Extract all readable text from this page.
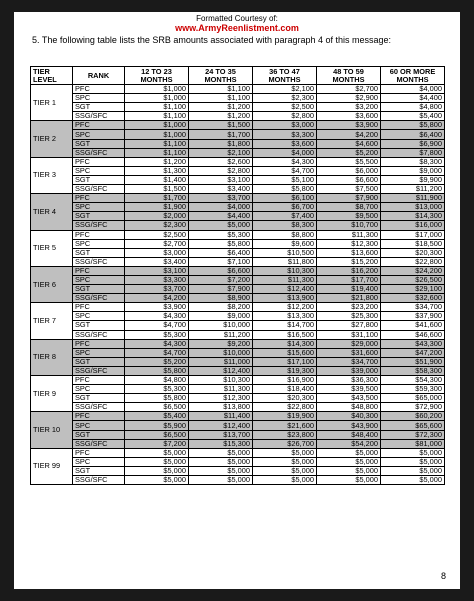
Formatted Courtesy of:
www.ArmyReenlistment.com
5. The following table lists the SRB amounts associated with paragraph 4 of this message:
TIER LEVEL	RANK	12 TO 23 MONTHS	24 TO 35 MONTHS	36 TO 47 MONTHS	48 TO 59 MONTHS	60 OR MORE MONTHS
TIER 1	PFC	$1,000	$1,100	$2,100	$2,700	$4,000
	SPC	$1,000	$1,100	$2,300	$2,900	$4,400
	SGT	$1,100	$1,200	$2,500	$3,200	$4,800
	SSG/SFC	$1,100	$1,200	$2,800	$3,600	$5,400
TIER 2	PFC	$1,000	$1,500	$3,000	$3,900	$5,800
	SPC	$1,000	$1,700	$3,300	$4,200	$6,400
	SGT	$1,100	$1,800	$3,600	$4,600	$6,900
	SSG/SFC	$1,100	$2,100	$4,000	$5,200	$7,800
TIER 3	PFC	$1,200	$2,600	$4,300	$5,500	$8,300
	SPC	$1,300	$2,800	$4,700	$6,000	$9,000
	SGT	$1,400	$3,100	$5,100	$6,600	$9,900
	SSG/SFC	$1,500	$3,400	$5,800	$7,500	$11,200
TIER 4	PFC	$1,700	$3,700	$6,100	$7,900	$11,900
	SPC	$1,900	$4,000	$6,700	$8,700	$13,000
	SGT	$2,000	$4,400	$7,400	$9,500	$14,300
	SSG/SFC	$2,300	$5,000	$8,300	$10,700	$16,000
TIER 5	PFC	$2,500	$5,300	$8,800	$11,300	$17,000
	SPC	$2,700	$5,800	$9,600	$12,300	$18,500
	SGT	$3,000	$6,400	$10,500	$13,600	$20,300
	SSG/SFC	$3,400	$7,100	$11,800	$15,200	$22,800
TIER 6	PFC	$3,100	$6,600	$10,300	$16,200	$24,200
	SPC	$3,300	$7,200	$11,300	$17,700	$26,500
	SGT	$3,700	$7,900	$12,400	$19,400	$29,100
	SSG/SFC	$4,200	$8,900	$13,900	$21,800	$32,600
TIER 7	PFC	$3,900	$8,200	$12,200	$23,200	$34,700
	SPC	$4,300	$9,000	$13,300	$25,300	$37,900
	SGT	$4,700	$10,000	$14,700	$27,800	$41,600
	SSG/SFC	$5,300	$11,200	$16,500	$31,100	$46,600
TIER 8	PFC	$4,300	$9,200	$14,300	$29,000	$43,300
	SPC	$4,700	$10,000	$15,600	$31,600	$47,200
	SGT	$5,200	$11,000	$17,100	$34,700	$51,900
	SSG/SFC	$5,800	$12,400	$19,300	$39,000	$58,300
TIER 9	PFC	$4,800	$10,300	$16,900	$36,300	$54,300
	SPC	$5,300	$11,300	$18,400	$39,500	$59,300
	SGT	$5,800	$12,300	$20,300	$43,500	$65,000
	SSG/SFC	$6,500	$13,800	$22,800	$48,800	$72,900
TIER 10	PFC	$5,400	$11,400	$19,900	$40,300	$60,200
	SPC	$5,900	$12,400	$21,600	$43,900	$65,600
	SGT	$6,500	$13,700	$23,800	$48,400	$72,300
	SSG/SFC	$7,200	$15,300	$26,700	$54,200	$81,000
TIER 99	PFC	$5,000	$5,000	$5,000	$5,000	$5,000
	SPC	$5,000	$5,000	$5,000	$5,000	$5,000
	SGT	$5,000	$5,000	$5,000	$5,000	$5,000
	SSG/SFC	$5,000	$5,000	$5,000	$5,000	$5,000
8
